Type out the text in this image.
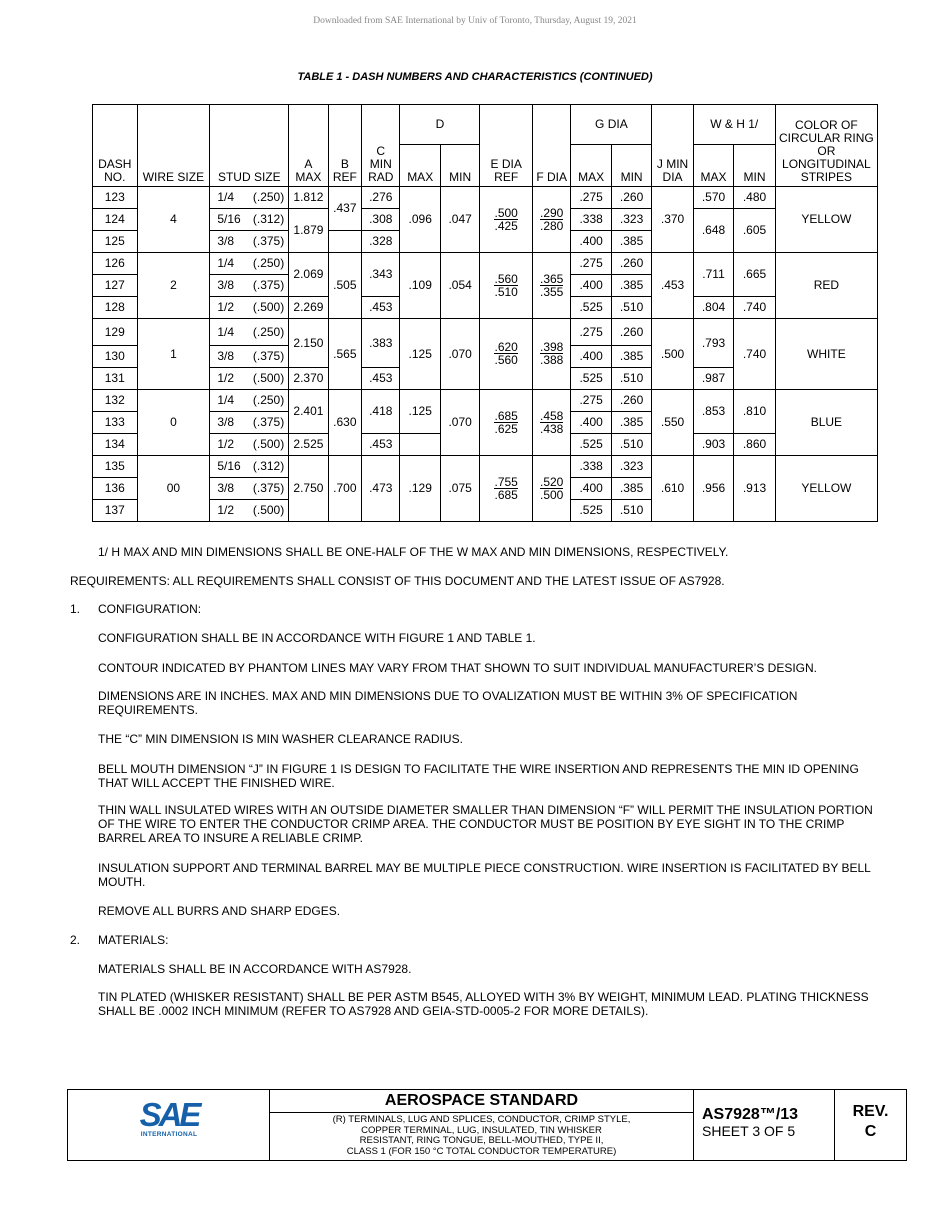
Downloaded from SAE International by Univ of Toronto, Thursday, August 19, 2021
TABLE 1 - DASH NUMBERS AND CHARACTERISTICS (CONTINUED)
DASH NO.	WIRE SIZE	STUD SIZE	A MAX	B REF	C MIN RAD	D		E DIA REF	F DIA	G DIA		J MIN DIA	W & H 1/		COLOR OF CIRCULAR RING OR LONGITUDINAL STRIPES
						MAX	MIN			MAX	MIN		MAX	MIN	
123	4	1/4 (.250)	1.812	.437	.276	.096	.047	$\frac{.500}{.425}$	$\frac{.290}{.280}$	.275	.260	.370	.570	.480	YELLOW
124		5/16 (.312)	1.879		.308					.338	.323		.648	.605	
125		3/8 (.375)			.328					.400	.385				
126	2	1/4 (.250)	2.069	.505	.343	.109	.054	$\frac{.560}{.510}$	$\frac{.365}{.355}$	.275	.260	.453	.711	.665	RED
127		3/8 (.375)								.400	.385				
128		1/2 (.500)	2.269		.453					.525	.510		.804	.740	
129	1	1/4 (.250)	2.150	.565	.383	.125	.070	$\frac{.620}{.560}$	$\frac{.398}{.388}$	.275	.260	.500	.793	.740	WHITE
130		3/8 (.375)								.400	.385				
131		1/2 (.500)	2.370		.453					.525	.510		.987		
132	0	1/4 (.250)	2.401	.630	.418	.125	.070	$\frac{.685}{.625}$	$\frac{.458}{.438}$	.275	.260	.550	.853	.810	BLUE
133		3/8 (.375)								.400	.385				
134		1/2 (.500)	2.525		.453					.525	.510		.903	.860	
135	00	5/16 (.312)	2.750	.700	.473	.129	.075	$\frac{.755}{.685}$	$\frac{.520}{.500}$	.338	.323	.610	.956	.913	YELLOW
136		3/8 (.375)								.400	.385				
137		1/2 (.500)								.525	.510				
1/ H MAX AND MIN DIMENSIONS SHALL BE ONE-HALF OF THE W MAX AND MIN DIMENSIONS, RESPECTIVELY.

REQUIREMENTS: ALL REQUIREMENTS SHALL CONSIST OF THIS DOCUMENT AND THE LATEST ISSUE OF AS7928.

1. CONFIGURATION:

CONFIGURATION SHALL BE IN ACCORDANCE WITH FIGURE 1 AND TABLE 1.

CONTOUR INDICATED BY PHANTOM LINES MAY VARY FROM THAT SHOWN TO SUIT INDIVIDUAL MANUFACTURER’S DESIGN.

DIMENSIONS ARE IN INCHES. MAX AND MIN DIMENSIONS DUE TO OVALIZATION MUST BE WITHIN 3% OF SPECIFICATION REQUIREMENTS.

THE “C” MIN DIMENSION IS MIN WASHER CLEARANCE RADIUS.

BELL MOUTH DIMENSION “J” IN FIGURE 1 IS DESIGN TO FACILITATE THE WIRE INSERTION AND REPRESENTS THE MIN ID OPENING THAT WILL ACCEPT THE FINISHED WIRE.

THIN WALL INSULATED WIRES WITH AN OUTSIDE DIAMETER SMALLER THAN DIMENSION “F” WILL PERMIT THE INSULATION PORTION OF THE WIRE TO ENTER THE CONDUCTOR CRIMP AREA. THE CONDUCTOR MUST BE POSITION BY EYE SIGHT IN TO THE CRIMP BARREL AREA TO INSURE A RELIABLE CRIMP.

INSULATION SUPPORT AND TERMINAL BARREL MAY BE MULTIPLE PIECE CONSTRUCTION. WIRE INSERTION IS FACILITATED BY BELL MOUTH.

REMOVE ALL BURRS AND SHARP EDGES.

2. MATERIALS:

MATERIALS SHALL BE IN ACCORDANCE WITH AS7928.

TIN PLATED (WHISKER RESISTANT) SHALL BE PER ASTM B545, ALLOYED WITH 3% BY WEIGHT, MINIMUM LEAD. PLATING THICKNESS SHALL BE .0002 INCH MINIMUM (REFER TO AS7928 AND GEIA-STD-0005-2 FOR MORE DETAILS).

SAE
INTERNATIONAL
AEROSPACE STANDARD
(R) TERMINALS, LUG AND SPLICES, CONDUCTOR, CRIMP STYLE,
COPPER TERMINAL, LUG, INSULATED, TIN WHISKER
RESISTANT, RING TONGUE, BELL-MOUTHED, TYPE II,
CLASS 1 (FOR 150 °C TOTAL CONDUCTOR TEMPERATURE)
AS7928™/13
SHEET 3 OF 5
REV.
C
